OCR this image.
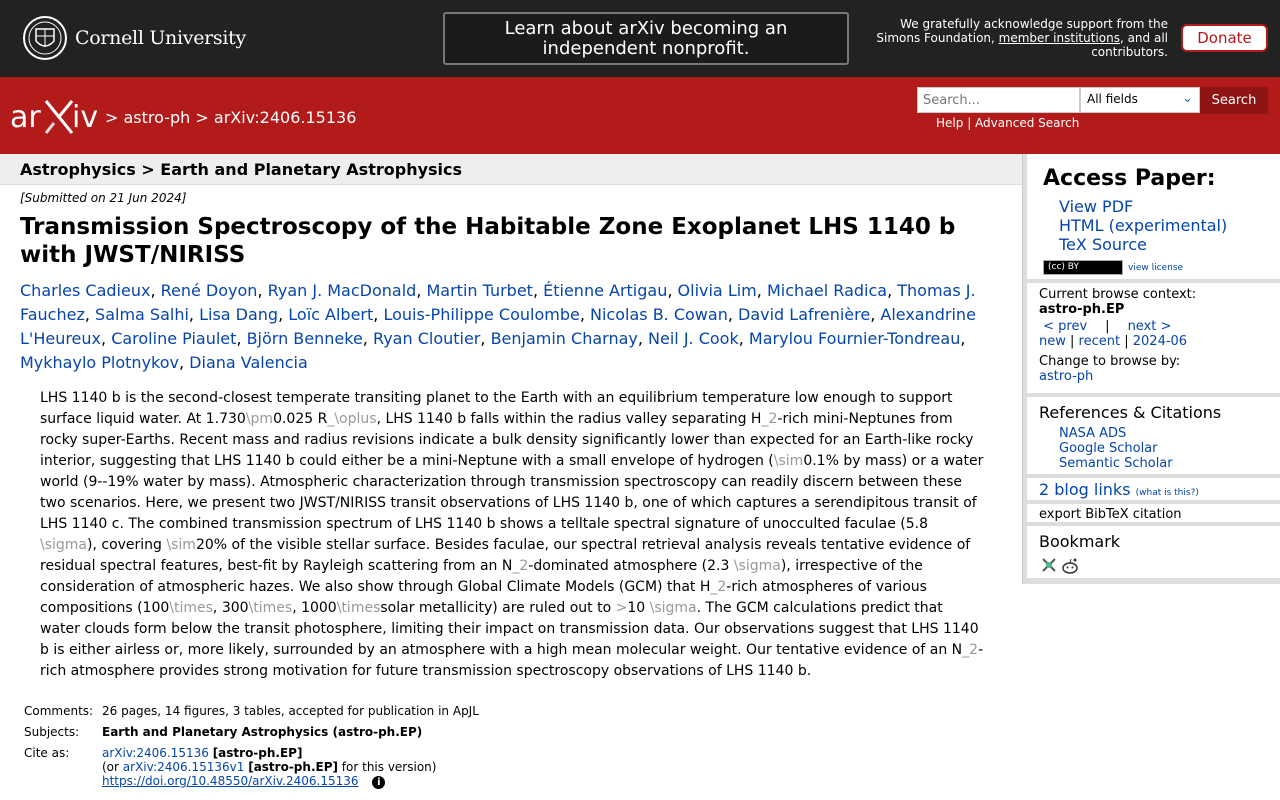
Cornell University	Learn about arXiv becoming an independent nonprofit.
We gratefully acknowledge support from the Simons Foundation, member institutions, and all contributors.
Donate
ar iv > astro-ph > arXiv:2406.15136
Search...
All fields	⌄	Search
Help | Advanced Search
Astrophysics > Earth and Planetary Astrophysics
[Submitted on 21 Jun 2024]
Transmission Spectroscopy of the Habitable Zone Exoplanet LHS 1140 b with JWST/NIRISS
Charles Cadieux, René Doyon, Ryan J. MacDonald, Martin Turbet, Étienne Artigau, Olivia Lim, Michael Radica, Thomas J. Fauchez, Salma Salhi, Lisa Dang, Loïc Albert, Louis-Philippe Coulombe, Nicolas B. Cowan, David Lafrenière, Alexandrine L'Heureux, Caroline Piaulet, Björn Benneke, Ryan Cloutier, Benjamin Charnay, Neil J. Cook, Marylou Fournier-Tondreau, Mykhaylo Plotnykov, Diana Valencia
LHS 1140 b is the second-closest temperate transiting planet to the Earth with an equilibrium temperature low enough to support surface liquid water. At 1.730\pm0.025 R_\oplus, LHS 1140 b falls within the radius valley separating H_2-rich mini-Neptunes from rocky super-Earths. Recent mass and radius revisions indicate a bulk density significantly lower than expected for an Earth-like rocky interior, suggesting that LHS 1140 b could either be a mini-Neptune with a small envelope of hydrogen (\sim0.1% by mass) or a water world (9--19% water by mass). Atmospheric characterization through transmission spectroscopy can readily discern between these two scenarios. Here, we present two JWST/NIRISS transit observations of LHS 1140 b, one of which captures a serendipitous transit of LHS 1140 c. The combined transmission spectrum of LHS 1140 b shows a telltale spectral signature of unocculted faculae (5.8 \sigma), covering \sim20% of the visible stellar surface. Besides faculae, our spectral retrieval analysis reveals tentative evidence of residual spectral features, best-fit by Rayleigh scattering from an N_2-dominated atmosphere (2.3 \sigma), irrespective of the consideration of atmospheric hazes. We also show through Global Climate Models (GCM) that H_2-rich atmospheres of various compositions (100\times, 300\times, 1000\timessolar metallicity) are ruled out to >10 \sigma. The GCM calculations predict that water clouds form below the transit photosphere, limiting their impact on transmission data. Our observations suggest that LHS 1140 b is either airless or, more likely, surrounded by an atmosphere with a high mean molecular weight. Our tentative evidence of an N_2-rich atmosphere provides strong motivation for future transmission spectroscopy observations of LHS 1140 b.
Comments:	26 pages, 14 figures, 3 tables, accepted for publication in ApJL
Subjects:	Earth and Planetary Astrophysics (astro-ph.EP)
Cite as:	arXiv:2406.15136 [astro-ph.EP]
(or arXiv:2406.15136v1 [astro-ph.EP] for this version)
https://doi.org/10.48550/arXiv.2406.15136 i
Access Paper:
View PDF
HTML (experimental)
TeX Source
(cc) BY	view license
Current browse context:
astro-ph.EP
< prev | next >
new | recent | 2024-06
Change to browse by:
astro-ph
References & Citations
NASA ADS
Google Scholar
Semantic Scholar
2 blog links (what is this?)
export BibTeX citation
Bookmark
